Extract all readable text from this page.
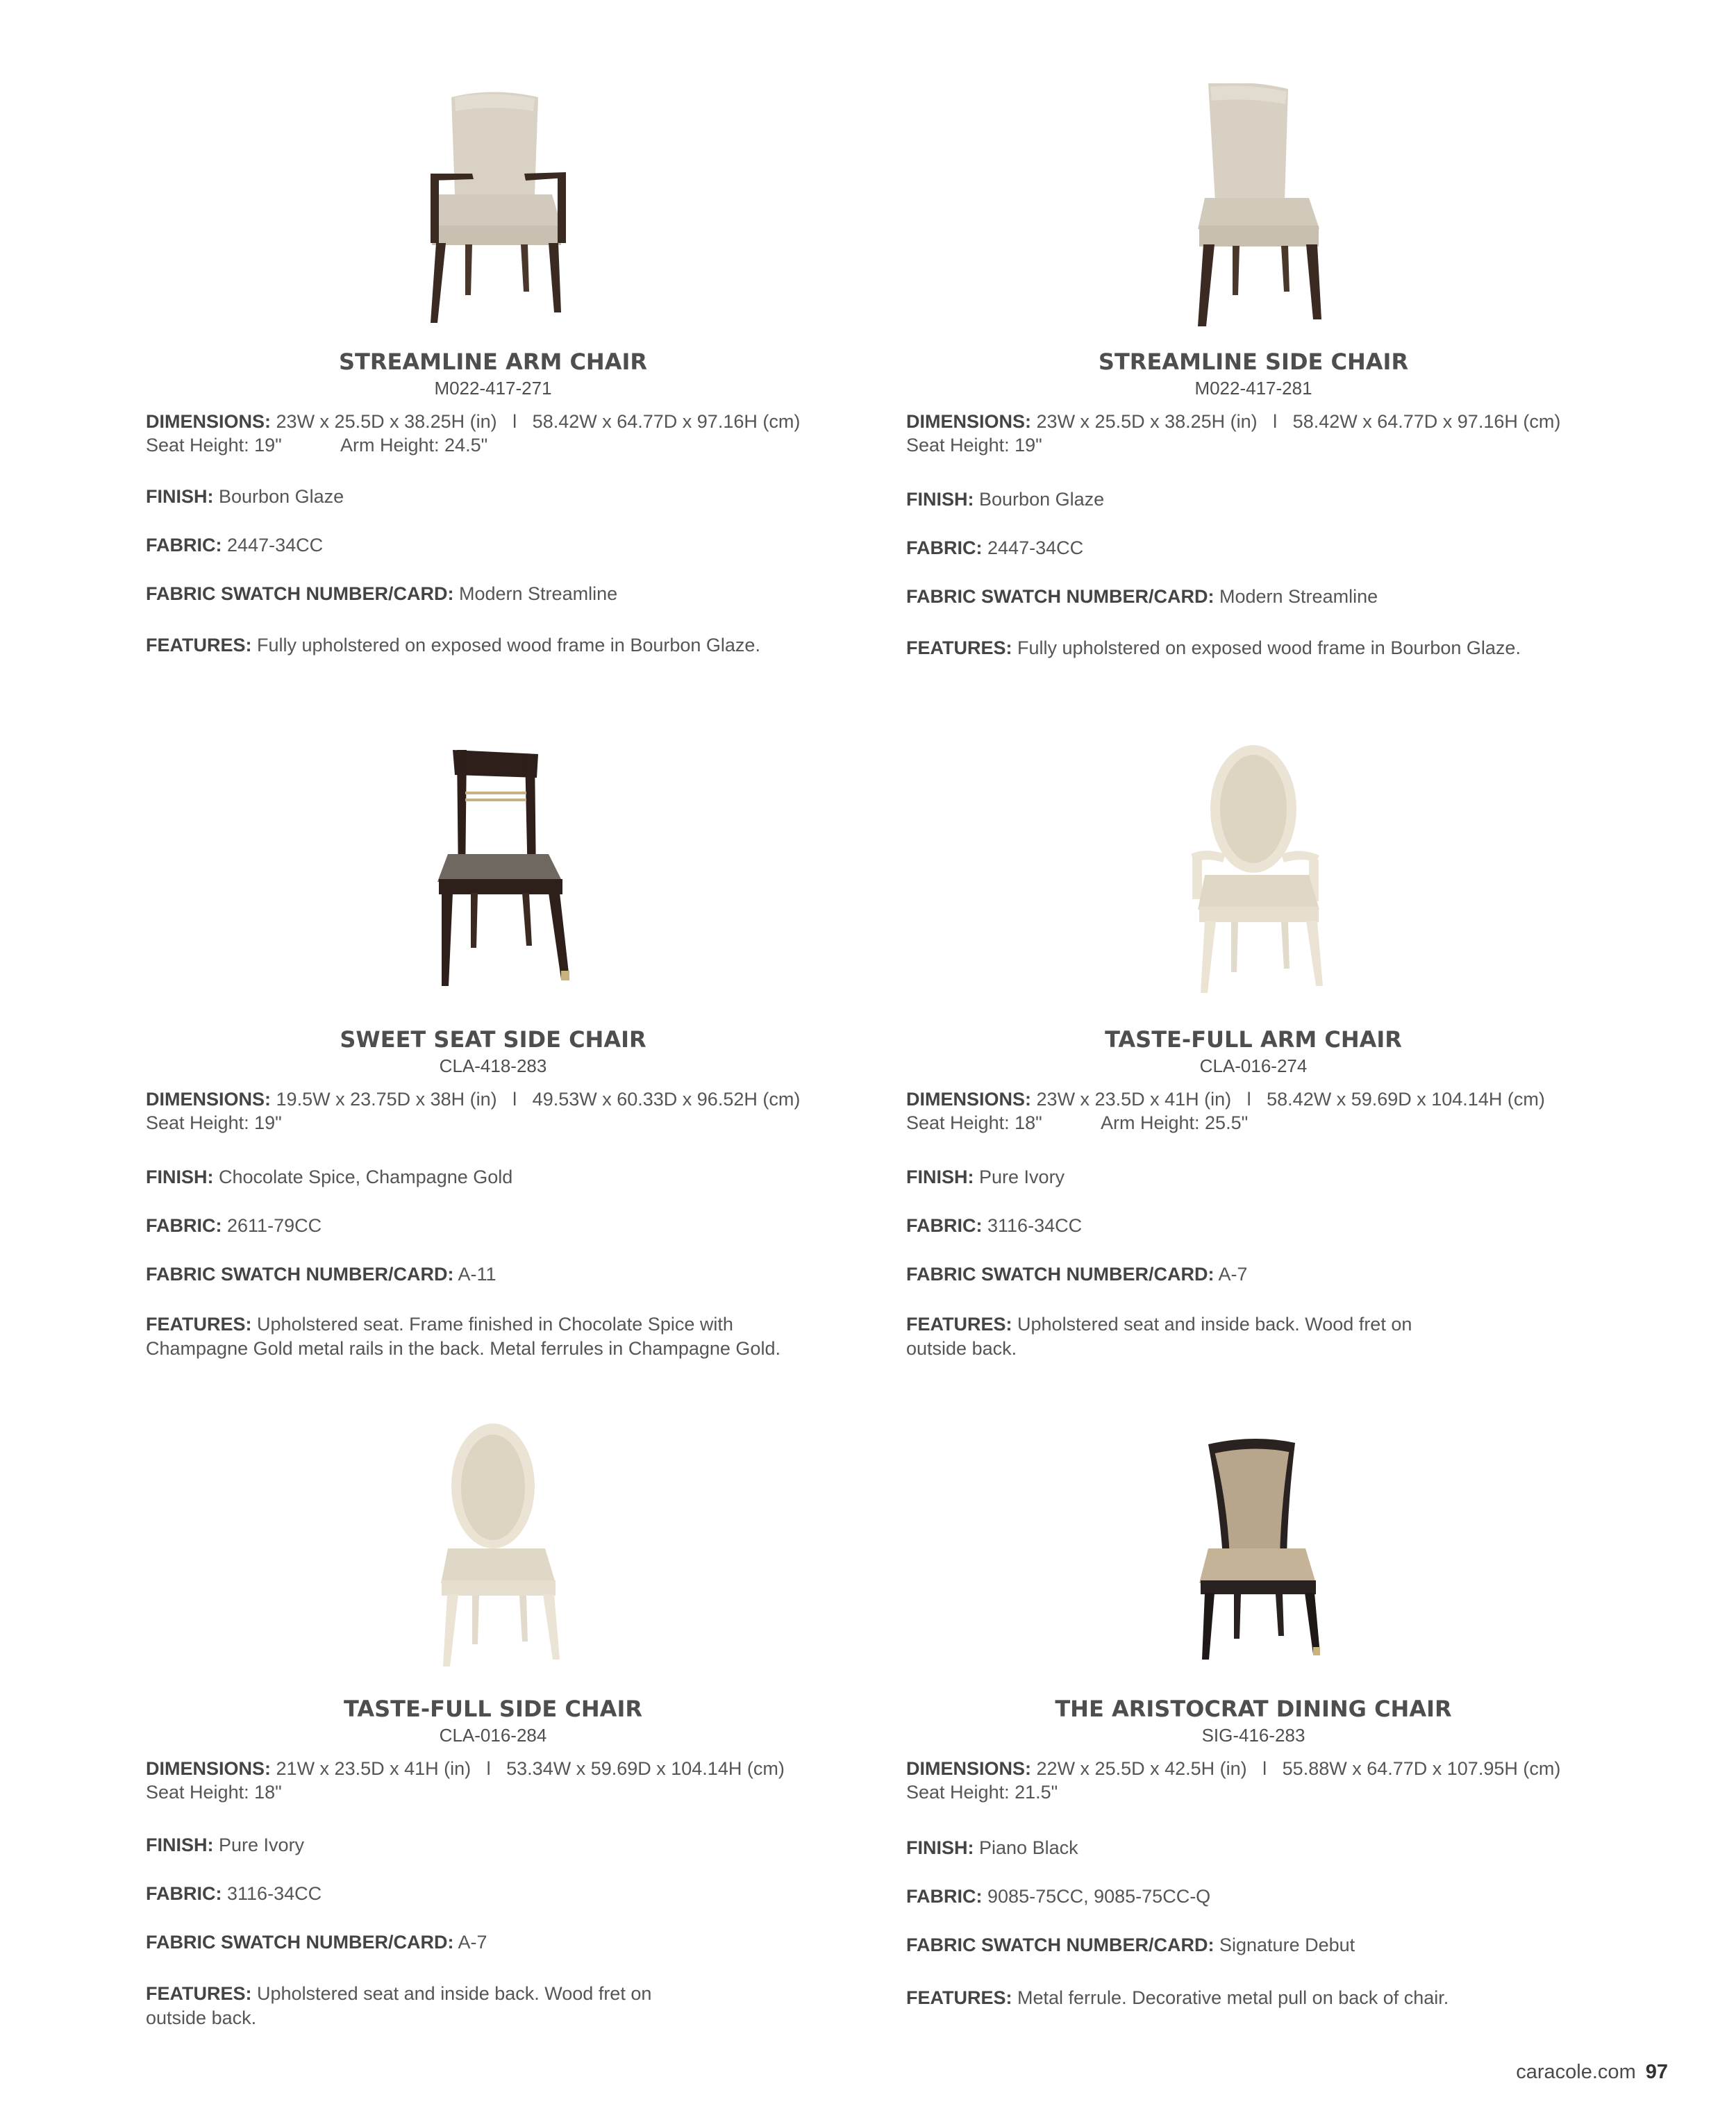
STREAMLINE ARM CHAIR
M022-417-271
DIMENSIONS: 23W x 25.5D x 38.25H (in)   l   58.42W x 64.77D x 97.16H (cm)
Seat Height: 19"	Arm Height: 24.5"
FINISH: Bourbon Glaze
FABRIC: 2447-34CC
FABRIC SWATCH NUMBER/CARD: Modern Streamline
FEATURES: Fully upholstered on exposed wood frame in Bourbon Glaze.
STREAMLINE SIDE CHAIR
M022-417-281
DIMENSIONS: 23W x 25.5D x 38.25H (in)   l   58.42W x 64.77D x 97.16H (cm)
Seat Height: 19"
FINISH: Bourbon Glaze
FABRIC: 2447-34CC
FABRIC SWATCH NUMBER/CARD: Modern Streamline
FEATURES: Fully upholstered on exposed wood frame in Bourbon Glaze.
SWEET SEAT SIDE CHAIR
CLA-418-283
DIMENSIONS: 19.5W x 23.75D x 38H (in)   l   49.53W x 60.33D x 96.52H (cm)
Seat Height: 19"
FINISH: Chocolate Spice, Champagne Gold
FABRIC: 2611-79CC
FABRIC SWATCH NUMBER/CARD: A-11
FEATURES: Upholstered seat. Frame finished in Chocolate Spice with Champagne Gold metal rails in the back. Metal ferrules in Champagne Gold.
TASTE-FULL ARM CHAIR
CLA-016-274
DIMENSIONS: 23W x 23.5D x 41H (in)   l   58.42W x 59.69D x 104.14H (cm)
Seat Height: 18"	Arm Height: 25.5"
FINISH: Pure Ivory
FABRIC: 3116-34CC
FABRIC SWATCH NUMBER/CARD: A-7
FEATURES: Upholstered seat and inside back. Wood fret on outside back.
TASTE-FULL SIDE CHAIR
CLA-016-284
DIMENSIONS: 21W x 23.5D x 41H (in)   l   53.34W x 59.69D x 104.14H (cm)
Seat Height: 18"
FINISH: Pure Ivory
FABRIC: 3116-34CC
FABRIC SWATCH NUMBER/CARD: A-7
FEATURES: Upholstered seat and inside back. Wood fret on outside back.
THE ARISTOCRAT DINING CHAIR
SIG-416-283
DIMENSIONS: 22W x 25.5D x 42.5H (in)   l   55.88W x 64.77D x 107.95H (cm)
Seat Height: 21.5"
FINISH: Piano Black
FABRIC: 9085-75CC, 9085-75CC-Q
FABRIC SWATCH NUMBER/CARD: Signature Debut
FEATURES: Metal ferrule. Decorative metal pull on back of chair.
caracole.com 97
